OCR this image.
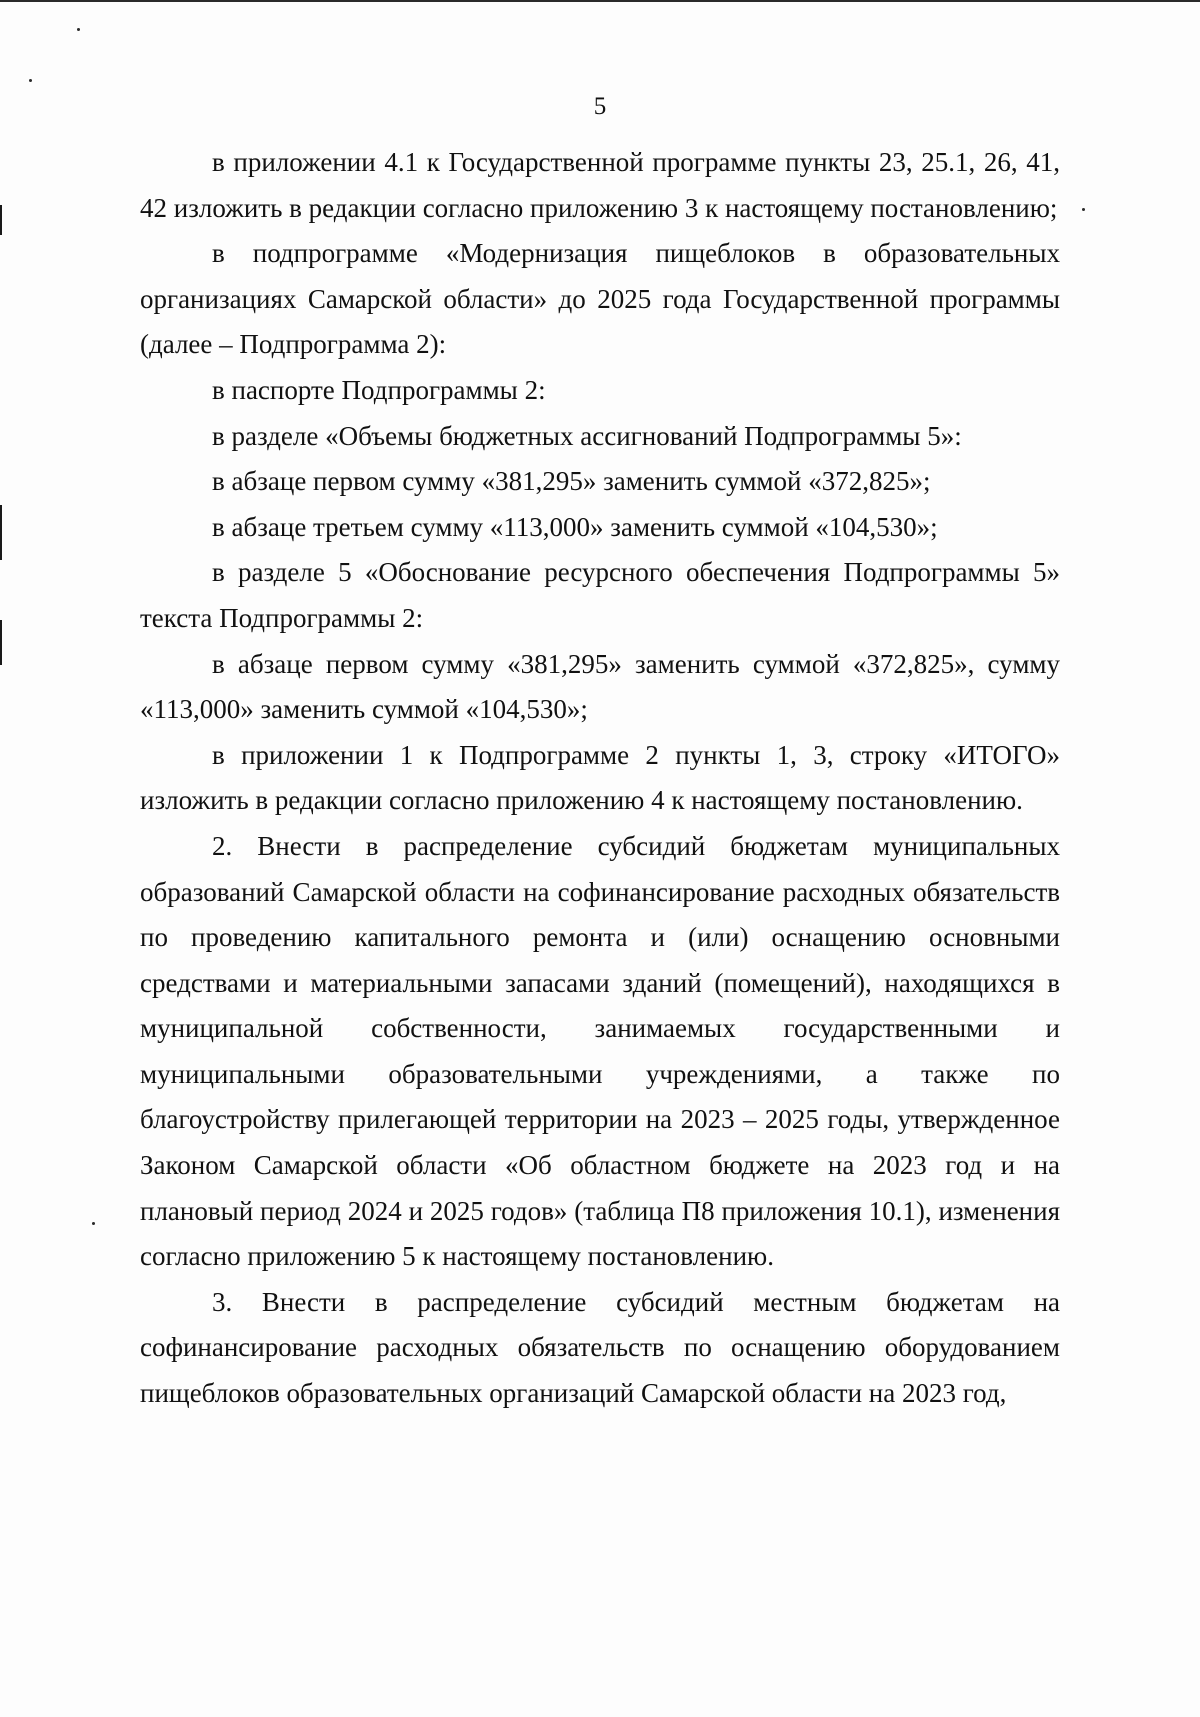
5

в приложении 4.1 к Государственной программе пункты 23, 25.1, 26, 41, 42 изложить в редакции согласно приложению 3 к настоящему постановлению;

в подпрограмме «Модернизация пищеблоков в образовательных организациях Самарской области» до 2025 года Государственной программы (далее – Подпрограмма 2):

в паспорте Подпрограммы 2:

в разделе «Объемы бюджетных ассигнований Подпрограммы 5»:

в абзаце первом сумму «381,295» заменить суммой «372,825»;

в абзаце третьем сумму «113,000» заменить суммой «104,530»;

в разделе 5 «Обоснование ресурсного обеспечения Подпрограммы 5» текста Подпрограммы 2:

в абзаце первом сумму «381,295» заменить суммой «372,825», сумму «113,000» заменить суммой «104,530»;

в приложении 1 к Подпрограмме 2 пункты 1, 3, строку «ИТОГО» изложить в редакции согласно приложению 4 к настоящему постановлению.

2. Внести в распределение субсидий бюджетам муниципальных образований Самарской области на софинансирование расходных обязательств по проведению капитального ремонта и (или) оснащению основными средствами и материальными запасами зданий (помещений), находящихся в муниципальной собственности, занимаемых государственными и муниципальными образовательными учреждениями, а также по благоустройству прилегающей территории на 2023 – 2025 годы, утвержденное Законом Самарской области «Об областном бюджете на 2023 год и на плановый период 2024 и 2025 годов» (таблица П8 приложения 10.1), изменения согласно приложению 5 к настоящему постановлению.

3. Внести в распределение субсидий местным бюджетам на софинансирование расходных обязательств по оснащению оборудованием пищеблоков образовательных организаций Самарской области на 2023 год,
